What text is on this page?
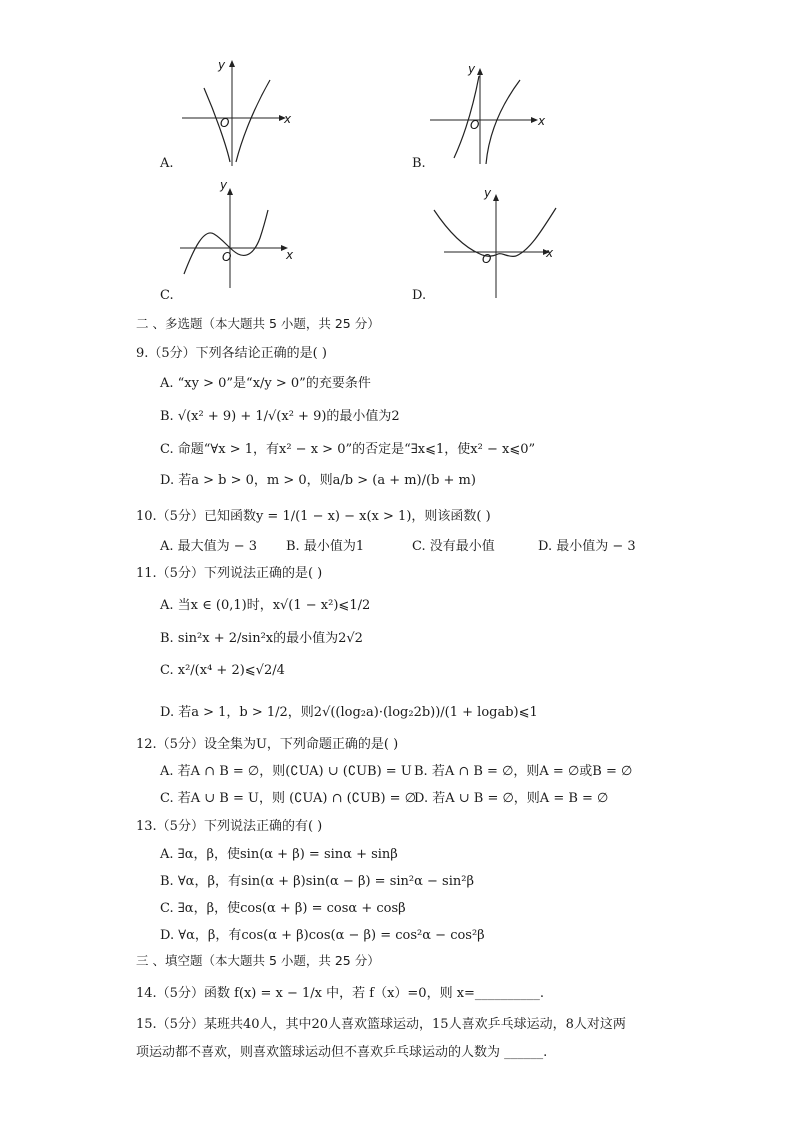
y
x
O
A.
y
x
O
B.
y
x
O
C.
y
x
O
D.
二 、多选题（本大题共 5 小题，共 25 分）
9.（5分）下列各结论正确的是( )
A. “xy > 0”是“x/y > 0”的充要条件
B. √(x² + 9) + 1/√(x² + 9)的最小值为2
C. 命题“∀x > 1，有x² − x > 0”的否定是“∃x⩽1，使x² − x⩽0”
D. 若a > b > 0，m > 0，则a/b > (a + m)/(b + m)
10.（5分）已知函数y = 1/(1 − x) − x(x > 1)，则该函数( )
A. 最大值为 − 3 B. 最小值为1	C. 没有最小值	D. 最小值为 − 3
11.（5分）下列说法正确的是( )
A. 当x ∈ (0,1)时，x√(1 − x²)⩽1/2
B. sin²x + 2/sin²x的最小值为2√2
C. x²/(x⁴ + 2)⩽√2/4
D. 若a > 1，b > 1/2，则2√((log₂a)·(log₂2b))/(1 + logab)⩽1
12.（5分）设全集为U，下列命题正确的是( )
A. 若A ∩ B = ∅，则(∁UA) ∪ (∁UB) = U B. 若A ∩ B = ∅，则A = ∅或B = ∅
C. 若A ∪ B = U，则 (∁UA) ∩ (∁UB) = ∅
D. 若A ∪ B = ∅，则A = B = ∅
13.（5分）下列说法正确的有( )
A. ∃α，β，使sin(α + β) = sinα + sinβ
B. ∀α，β，有sin(α + β)sin(α − β) = sin²α − sin²β
C. ∃α，β，使cos(α + β) = cosα + cosβ
D. ∀α，β，有cos(α + β)cos(α − β) = cos²α − cos²β
三 、填空题（本大题共 5 小题，共 25 分）
14.（5分）函数 f(x) = x − 1/x 中，若 f（x）=0，则 x=__________.
15.（5分）某班共40人，其中20人喜欢篮球运动，15人喜欢乒乓球运动，8人对这两
项运动都不喜欢，则喜欢篮球运动但不喜欢乒乓球运动的人数为 ______.
